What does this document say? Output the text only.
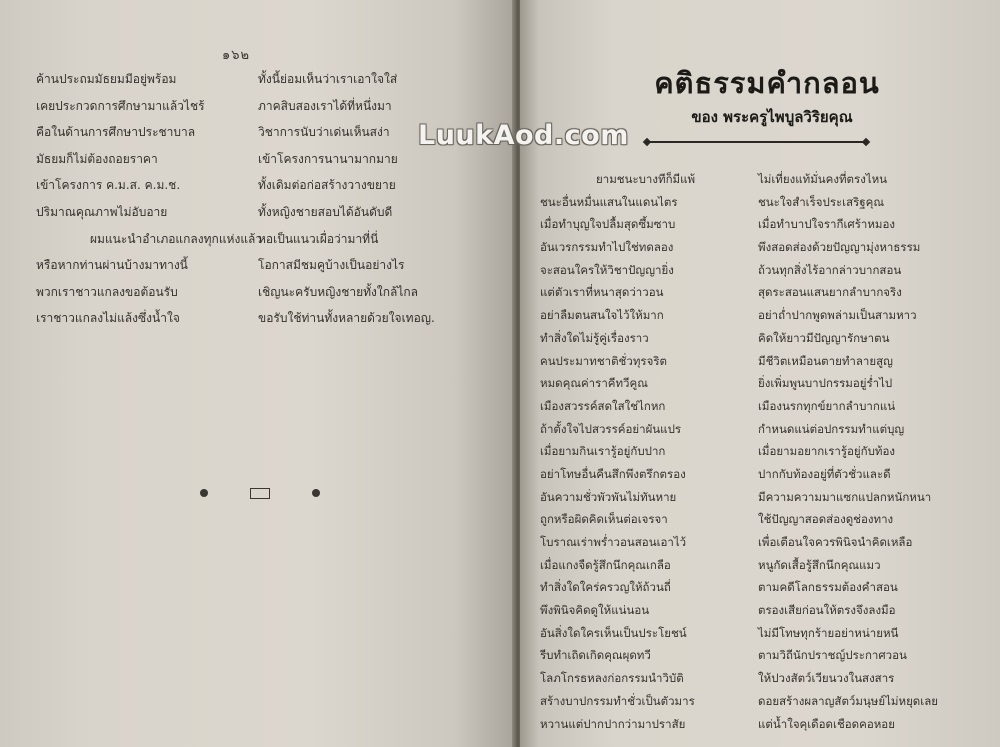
๑๖๒
ค้านประถมมัธยมมีอยู่พร้อม
เคยประกวดการศึกษามาแล้วไชร้
คือในด้านการศึกษาประชาบาล
มัธยมก็ไม่ต้องถอยราคา
เข้าโครงการ ค.ม.ส. ค.ม.ช.
ปริมาณคุณภาพไม่อับอาย
ผมแนะนำอำเภอแกลงทุกแห่งแล้ว
หรือหากท่านผ่านบ้างมาทางนี้
พวกเราชาวแกลงขอต้อนรับ
เราชาวแกลงไม่แล้งซึ่งน้ำใจ
ทั้งนี้ย่อมเห็นว่าเราเอาใจใส่
ภาคสิบสองเราได้ที่หนึ่งมา
วิชาการนับว่าเด่นเห็นสง่า
เข้าโครงการนานามากมาย
ทั้งเดิมต่อก่อสร้างวางขยาย
ทั้งหญิงชายสอบได้อันดับดี
หอเป็นแนวเผื่อว่ามาที่นี่
โอกาสมีชมคูบ้างเป็นอย่างไร
เชิญนะครับหญิงชายทั้งใกล้ไกล
ขอรับใช้ท่านทั้งหลายด้วยใจเทอญ.
คติธรรมคำกลอน
ของ พระครูไพบูลวิริยคุณ
ยามชนะบางทีก็มีแพ้
ชนะอื่นหมื่นแสนในแดนไตร
เมื่อทำบุญใจปลื้มสุดซึ้มซาบ
อันเวรกรรมทำไปใช่ทดลอง
จะสอนใครให้วิชาปัญญายิ่ง
แต่ตัวเราที่หนาสุดว่าวอน
อย่าลืมตนสนใจไว้ให้มาก
ทำสิ่งใดไม่รู้คู่เรื่องราว
คนประมาทชาติชั่วทุรจริต
หมดคุณค่าราคีทวีคูณ
เมืองสวรรค์สดใสใช่ไกหก
ถ้าตั้งใจไปสวรรค์อย่าผันแปร
เมื่อยามกินเรารู้อยู่กับปาก
อย่าโทษอื่นคืนสึกพึงตรึกตรอง
อันความชั่วพัวพันไม่ทันหาย
ถูกหรือผิดคิดเห็นต่อเจรจา
โบราณเร่าพร่ำวอนสอนเอาไว้
เมื่อแกงจืดรู้สึกนึกคุณเกลือ
ทำสิ่งใดใคร่ครวญให้ถ้วนถี่
พึงพินิจคิดดูให้แน่นอน
อันสิ่งใดใครเห็นเป็นประโยชน์
รีบทำเถิดเกิดคุณผุดทวี
โลภโกรธหลงก่อกรรมนำวิบัติ
สร้างบาปกรรมทำชั่วเป็นตัวมาร
หวานแต่ปากปากว่ามาปราสัย
ไม่เที่ยงแท้มั่นคงที่ตรงไหน
ชนะใจสำเร็จประเสริฐคุณ
เมื่อทำบาปใจรากีเศร้าหมอง
พึงสอดส่องด้วยปัญญามุ่งหาธรรม
ถ้วนทุกสิ่งไร้อากล่าวบากสอน
สุดระสอนแสนยากลำบากจริง
อย่าถ่ำปากพูดพล่ามเป็นสามหาว
คิดให้ยาวมีปัญญารักษาตน
มีชีวิตเหมือนตายทำลายสูญ
ยิ่งเพิ่มพูนบาปกรรมอยู่ร่ำไป
เมืองนรกทุกข์ยากลำบากแน่
กำหนดแน่ต่อปกรรมทำแต่บุญ
เมื่อยามอยากเรารู้อยู่กับท้อง
ปากกับท้องอยู่ที่ตัวชั่วและดี
มีความความมาแซกแปลกหนักหนา
ใช้ปัญญาสอดส่องดูช่องทาง
เพื่อเตือนใจควรพินิจนำคิดเหลือ
หนูกัดเสื้อรู้สึกนึกคุณแมว
ตามคดีโลกธรรมต้องคำสอน
ตรองเสียก่อนให้ตรงจึงลงมือ
ไม่มีโทษทุกร้ายอย่าหน่ายหนี
ตามวิถีนักปราชญ์ประกาศวอน
ให้ปวงสัตว์เวียนวงในสงสาร
ดอยสร้างผลาญสัตว์มนุษย์ไม่หยุดเลย
แต่น้ำใจคุเดือดเชือดคอหอย
LuukAod.com
